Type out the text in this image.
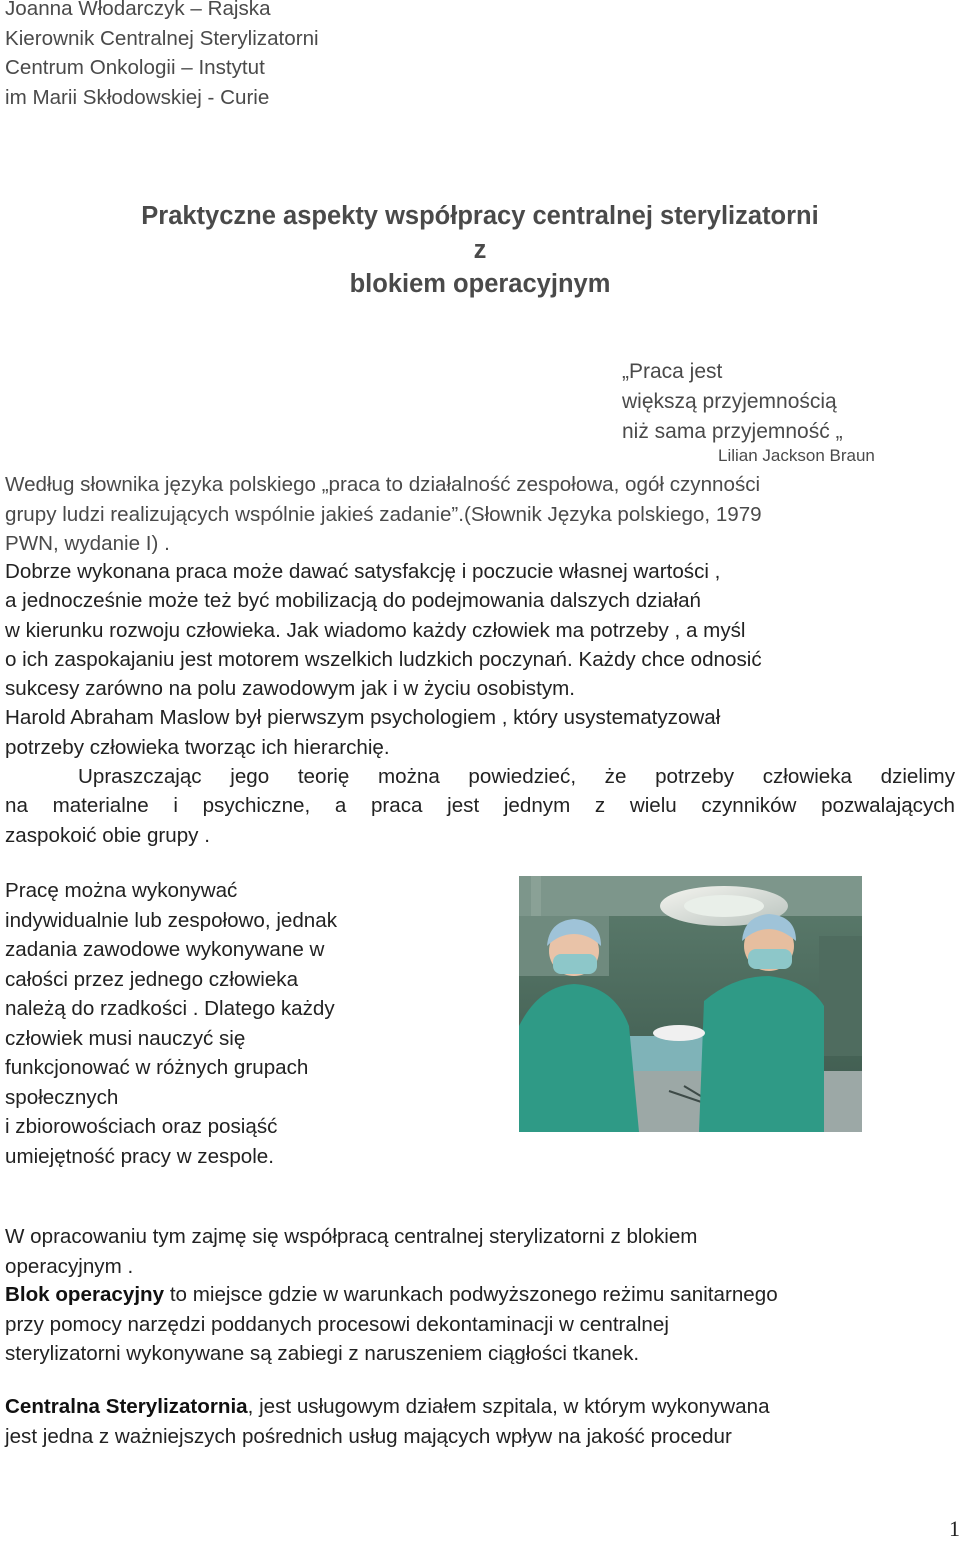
Joanna Włodarczyk – Rajska
Kierownik Centralnej Sterylizatorni
Centrum Onkologii – Instytut
im Marii Skłodowskiej - Curie
Praktyczne aspekty współpracy centralnej sterylizatorni
z
blokiem operacyjnym
„Praca jest
większą przyjemnością
niż sama przyjemność „
Lilian Jackson Braun
Według słownika języka polskiego „praca to działalność zespołowa, ogół czynności
grupy ludzi realizujących wspólnie jakieś zadanie”.(Słownik Języka polskiego, 1979
PWN, wydanie I) .
Dobrze wykonana praca może dawać satysfakcję i poczucie własnej wartości ,
a jednocześnie może też być mobilizacją do podejmowania dalszych działań
w kierunku rozwoju człowieka. Jak wiadomo każdy człowiek ma potrzeby , a myśl
o ich zaspokajaniu jest motorem wszelkich ludzkich poczynań. Każdy chce odnosić
sukcesy zarówno na polu zawodowym jak i w życiu osobistym.
Harold Abraham Maslow był pierwszym psychologiem , który usystematyzował
potrzeby człowieka tworząc ich hierarchię.
Upraszczając jego teorię można powiedzieć, że potrzeby człowieka dzielimy
na materialne i psychiczne, a praca jest jednym z wielu czynników pozwalających
zaspokoić obie grupy .
Pracę można wykonywać
indywidualnie lub zespołowo, jednak
zadania zawodowe wykonywane w
całości przez jednego człowieka
należą do rzadkości . Dlatego każdy
człowiek musi nauczyć się
funkcjonować w różnych grupach
społecznych
i zbiorowościach oraz posiąść
umiejętność pracy w zespole.
W opracowaniu tym zajmę się współpracą centralnej sterylizatorni z blokiem
operacyjnym .
Blok operacyjny to miejsce gdzie w warunkach podwyższonego reżimu sanitarnego
przy pomocy narzędzi poddanych procesowi dekontaminacji w centralnej
sterylizatorni wykonywane są zabiegi z naruszeniem ciągłości tkanek.
Centralna Sterylizatornia, jest usługowym działem szpitala, w którym wykonywana
jest jedna z ważniejszych pośrednich usług mających wpływ na jakość procedur
1
